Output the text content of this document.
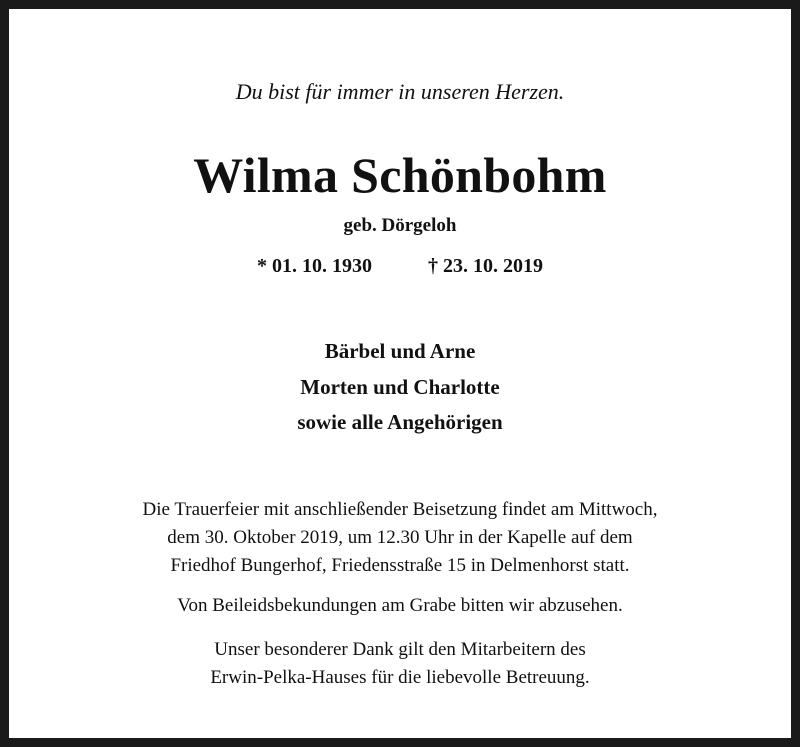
Du bist für immer in unseren Herzen.
Wilma Schönbohm
geb. Dörgeloh
* 01. 10. 1930	† 23. 10. 2019
Bärbel und Arne
Morten und Charlotte
sowie alle Angehörigen
Die Trauerfeier mit anschließender Beisetzung findet am Mittwoch,
dem 30. Oktober 2019, um 12.30 Uhr in der Kapelle auf dem
Friedhof Bungerhof, Friedensstraße 15 in Delmenhorst statt.
Von Beileidsbekundungen am Grabe bitten wir abzusehen.
Unser besonderer Dank gilt den Mitarbeitern des
Erwin-Pelka-Hauses für die liebevolle Betreuung.
